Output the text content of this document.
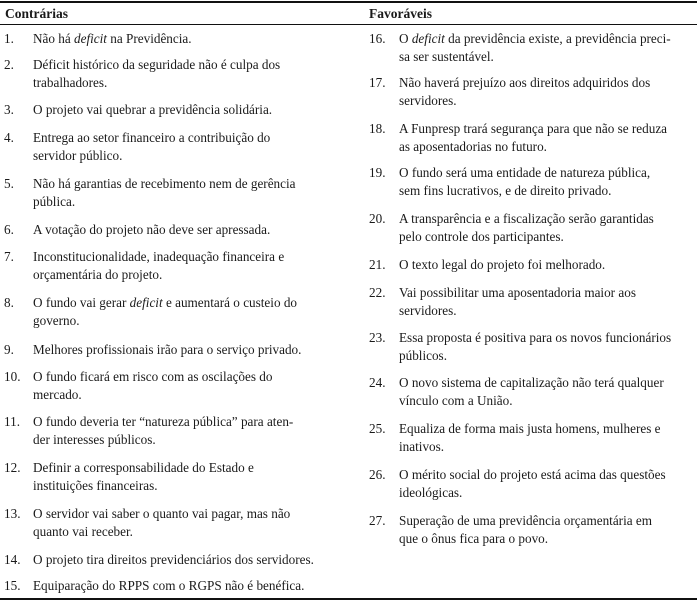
Contrárias	Favoráveis
1. Não há deficit na Previdência.
2. Déficit histórico da seguridade não é culpa dos
trabalhadores.
3. O projeto vai quebrar a previdência solidária.
4. Entrega ao setor financeiro a contribuição do
servidor público.
5. Não há garantias de recebimento nem de gerência
pública.
6. A votação do projeto não deve ser apressada.
7. Inconstitucionalidade, inadequação financeira e
orçamentária do projeto.
8. O fundo vai gerar deficit e aumentará o custeio do
governo.
9. Melhores profissionais irão para o serviço privado.
10. O fundo ficará em risco com as oscilações do
mercado.
11. O fundo deveria ter “natureza pública” para aten-
der interesses públicos.
12. Definir a corresponsabilidade do Estado e
instituições financeiras.
13. O servidor vai saber o quanto vai pagar, mas não
quanto vai receber.
14. O projeto tira direitos previdenciários dos servidores.
15. Equiparação do RPPS com o RGPS não é benéfica.
16. O deficit da previdência existe, a previdência preci-
sa ser sustentável.
17. Não haverá prejuízo aos direitos adquiridos dos
servidores.
18. A Funpresp trará segurança para que não se reduza
as aposentadorias no futuro.
19. O fundo será uma entidade de natureza pública,
sem fins lucrativos, e de direito privado.
20. A transparência e a fiscalização serão garantidas
pelo controle dos participantes.
21. O texto legal do projeto foi melhorado.
22. Vai possibilitar uma aposentadoria maior aos
servidores.
23. Essa proposta é positiva para os novos funcionários
públicos.
24. O novo sistema de capitalização não terá qualquer
vínculo com a União.
25. Equaliza de forma mais justa homens, mulheres e
inativos.
26. O mérito social do projeto está acima das questões
ideológicas.
27. Superação de uma previdência orçamentária em
que o ônus fica para o povo.
